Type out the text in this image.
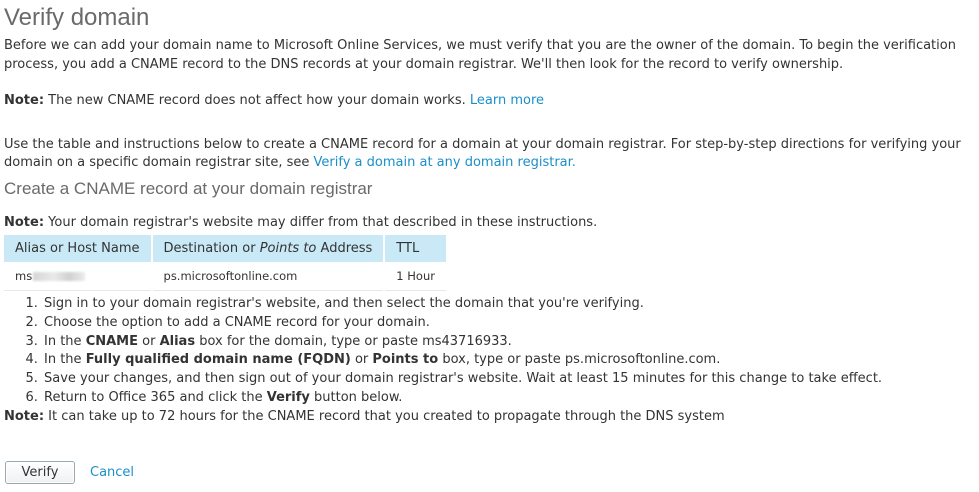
Verify domain

Before we can add your domain name to Microsoft Online Services, we must verify that you are the owner of the domain. To begin the verification process, you add a CNAME record to the DNS records at your domain registrar. We'll then look for the record to verify ownership.

Note: The new CNAME record does not affect how your domain works. Learn more

Use the table and instructions below to create a CNAME record for a domain at your domain registrar. For step-by-step directions for verifying your domain on a specific domain registrar site, see Verify a domain at any domain registrar.

Create a CNAME record at your domain registrar

Note: Your domain registrar's website may differ from that described in these instructions.

Alias or Host Name	Destination or Points to Address	TTL
ms	ps.microsoftonline.com	1 Hour
1. Sign in to your domain registrar's website, and then select the domain that you're verifying.
2. Choose the option to add a CNAME record for your domain.
3. In the CNAME or Alias box for the domain, type or paste ms43716933.
4. In the Fully qualified domain name (FQDN) or Points to box, type or paste ps.microsoftonline.com.
5. Save your changes, and then sign out of your domain registrar's website. Wait at least 15 minutes for this change to take effect.
6. Return to Office 365 and click the Verify button below.

Note: It can take up to 72 hours for the CNAME record that you created to propagate through the DNS system

Verify	Cancel
